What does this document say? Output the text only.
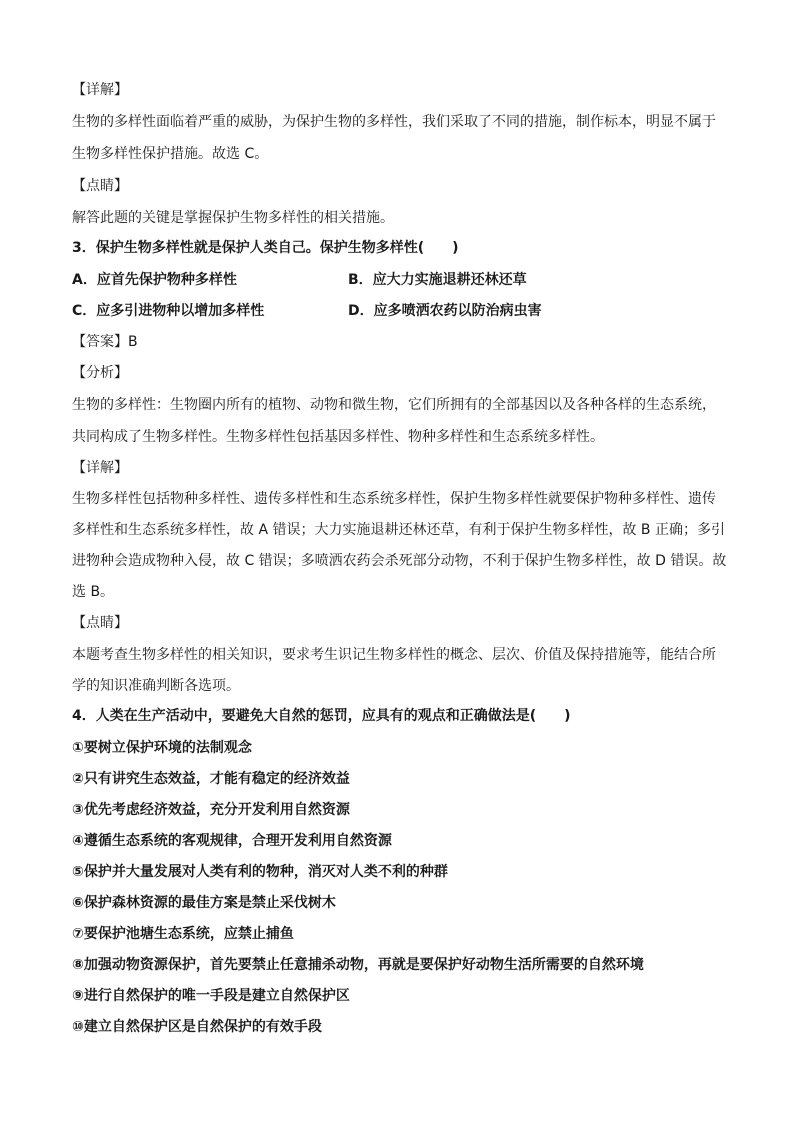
【详解】
生物的多样性面临着严重的威胁，为保护生物的多样性，我们采取了不同的措施，制作标本，明显不属于
生物多样性保护措施。故选 C。
【点睛】
解答此题的关键是掌握保护生物多样性的相关措施。
3．保护生物多样性就是保护人类自己。保护生物多样性(　　)
A．应首先保护物种多样性	B．应大力实施退耕还林还草
C．应多引进物种以增加多样性	D．应多喷洒农药以防治病虫害
【答案】B
【分析】
生物的多样性：生物圈内所有的植物、动物和微生物，它们所拥有的全部基因以及各种各样的生态系统，
共同构成了生物多样性。生物多样性包括基因多样性、物种多样性和生态系统多样性。
【详解】
生物多样性包括物种多样性、遗传多样性和生态系统多样性，保护生物多样性就要保护物种多样性、遗传
多样性和生态系统多样性，故 A 错误；大力实施退耕还林还草，有利于保护生物多样性，故 B 正确；多引
进物种会造成物种入侵，故 C 错误；多喷洒农药会杀死部分动物，不利于保护生物多样性，故 D 错误。故
选 B。
【点睛】
本题考查生物多样性的相关知识，要求考生识记生物多样性的概念、层次、价值及保持措施等，能结合所
学的知识准确判断各选项。
4．人类在生产活动中，要避免大自然的惩罚，应具有的观点和正确做法是(　　)
①要树立保护环境的法制观念
②只有讲究生态效益，才能有稳定的经济效益
③优先考虑经济效益，充分开发利用自然资源
④遵循生态系统的客观规律，合理开发利用自然资源
⑤保护并大量发展对人类有利的物种，消灭对人类不利的种群
⑥保护森林资源的最佳方案是禁止采伐树木
⑦要保护池塘生态系统，应禁止捕鱼
⑧加强动物资源保护，首先要禁止任意捕杀动物，再就是要保护好动物生活所需要的自然环境
⑨进行自然保护的唯一手段是建立自然保护区
⑩建立自然保护区是自然保护的有效手段
